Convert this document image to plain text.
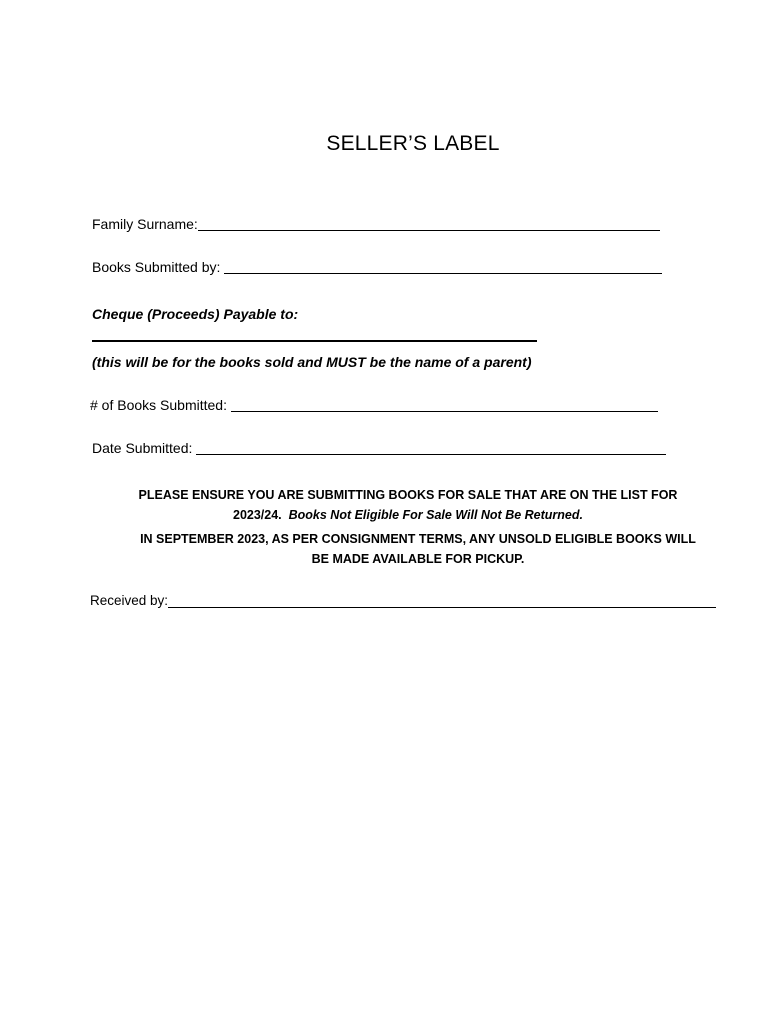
SELLER’S LABEL
Family Surname:
Books Submitted by:
Cheque (Proceeds) Payable to:
(this will be for the books sold and MUST be the name of a parent)
# of Books Submitted:
Date Submitted:
PLEASE ENSURE YOU ARE SUBMITTING BOOKS FOR SALE THAT ARE ON THE LIST FOR
2023/24. Books Not Eligible For Sale Will Not Be Returned.
IN SEPTEMBER 2023, AS PER CONSIGNMENT TERMS, ANY UNSOLD ELIGIBLE BOOKS WILL
BE MADE AVAILABLE FOR PICKUP.
Received by:
